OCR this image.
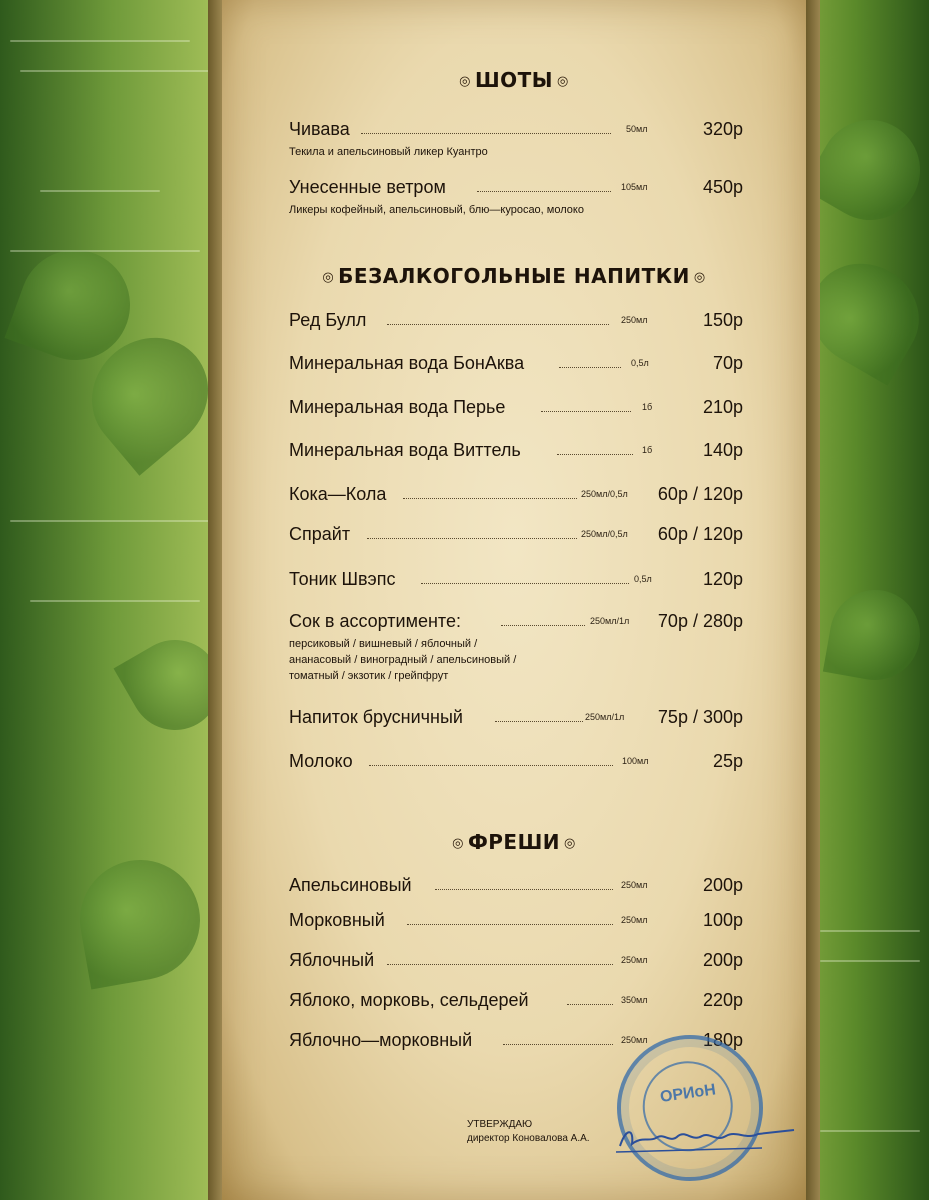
◎ ШОТЫ ◎
Чивава	50мл	320р
Текила и апельсиновый ликер Куантро
Унесенные ветром	105мл	450р
Ликеры кофейный, апельсиновый, блю—куросао, молоко
◎ БЕЗАЛКОГОЛЬНЫЕ НАПИТКИ ◎
Ред Булл	250мл	150р
Минеральная вода БонАква	0,5л	70р
Минеральная вода Перье	1б	210р
Минеральная вода Виттель	1б	140р
Кока—Кола	250мл/0,5л 60р / 120р
Спрайт	250мл/0,5л 60р / 120р
Тоник Швэпс	0,5л	120р
Сок в ассортименте:	250мл/1л 70р / 280р
персиковый / вишневый / яблочный /
ананасовый / виноградный / апельсиновый /
томатный / экзотик / грейпфрут
Напиток брусничный	250мл/1л 75р / 300р
Молоко	100мл	25р
◎ ФРЕШИ ◎
Апельсиновый	250мл	200р
Морковный	250мл	100р
Яблочный	250мл	200р
Яблоко, морковь, сельдерей	350мл	220р
Яблочно—морковный	250мл	180р
ОРИоН
УТВЕРЖДАЮ
директор Коновалова А.А.
